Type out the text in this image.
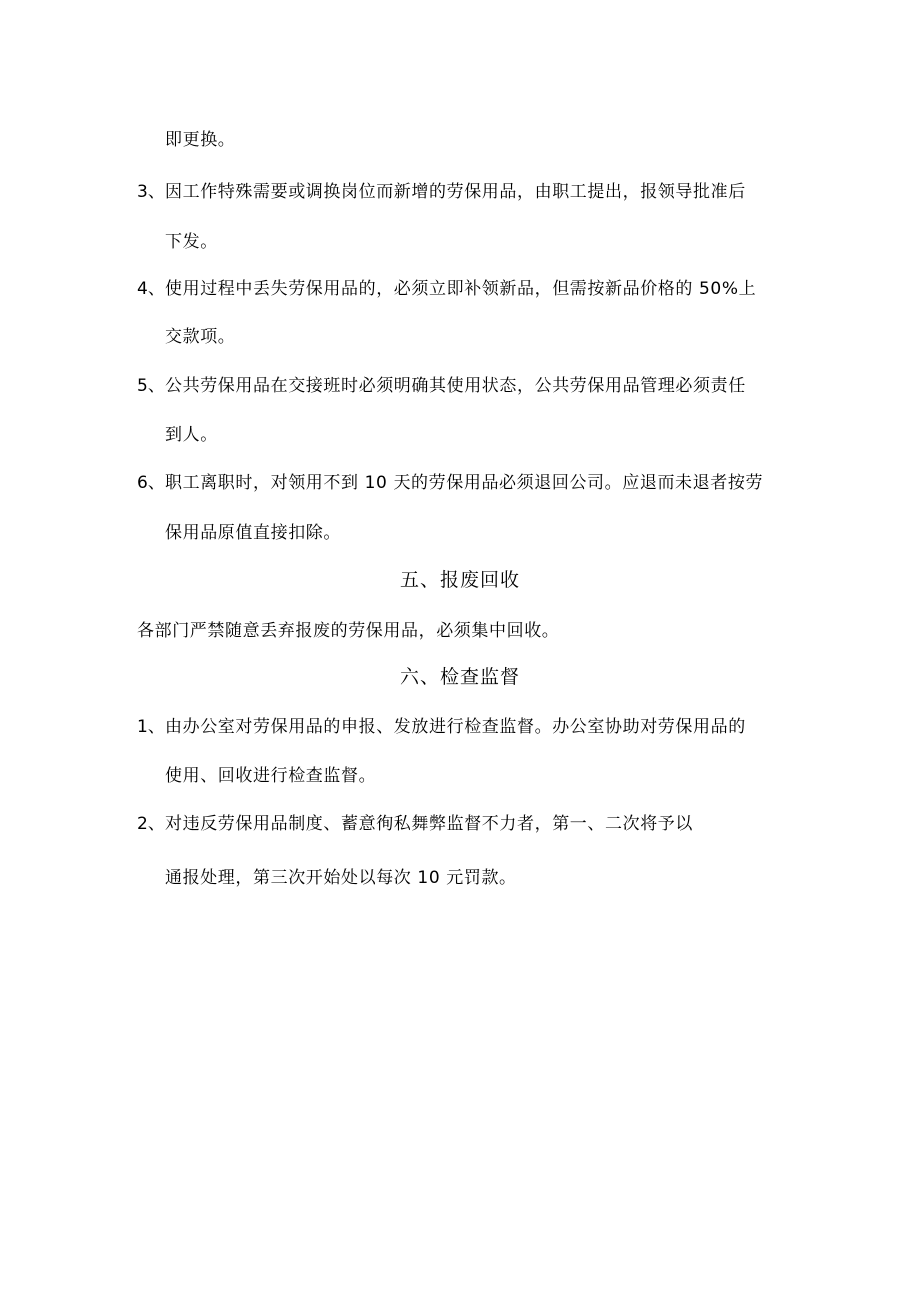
即更换。
3、 因工作特殊需要或调换岗位而新增的劳保用品，由职工提出，报领导批准后
下发。
4、 使用过程中丢失劳保用品的，必须立即补领新品，但需按新品价格的 50%上
交款项。
5、 公共劳保用品在交接班时必须明确其使用状态，公共劳保用品管理必须责任
到人。
6、 职工离职时，对领用不到 10 天的劳保用品必须退回公司。应退而未退者按劳
保用品原值直接扣除。
五、报废回收
各部门严禁随意丢弃报废的劳保用品，必须集中回收。
六、检查监督
1、 由办公室对劳保用品的申报、发放进行检查监督。办公室协助对劳保用品的
使用、回收进行检查监督。
2、 对违反劳保用品制度、蓄意徇私舞弊监督不力者，第一、二次将予以
通报处理，第三次开始处以每次 10 元罚款。
